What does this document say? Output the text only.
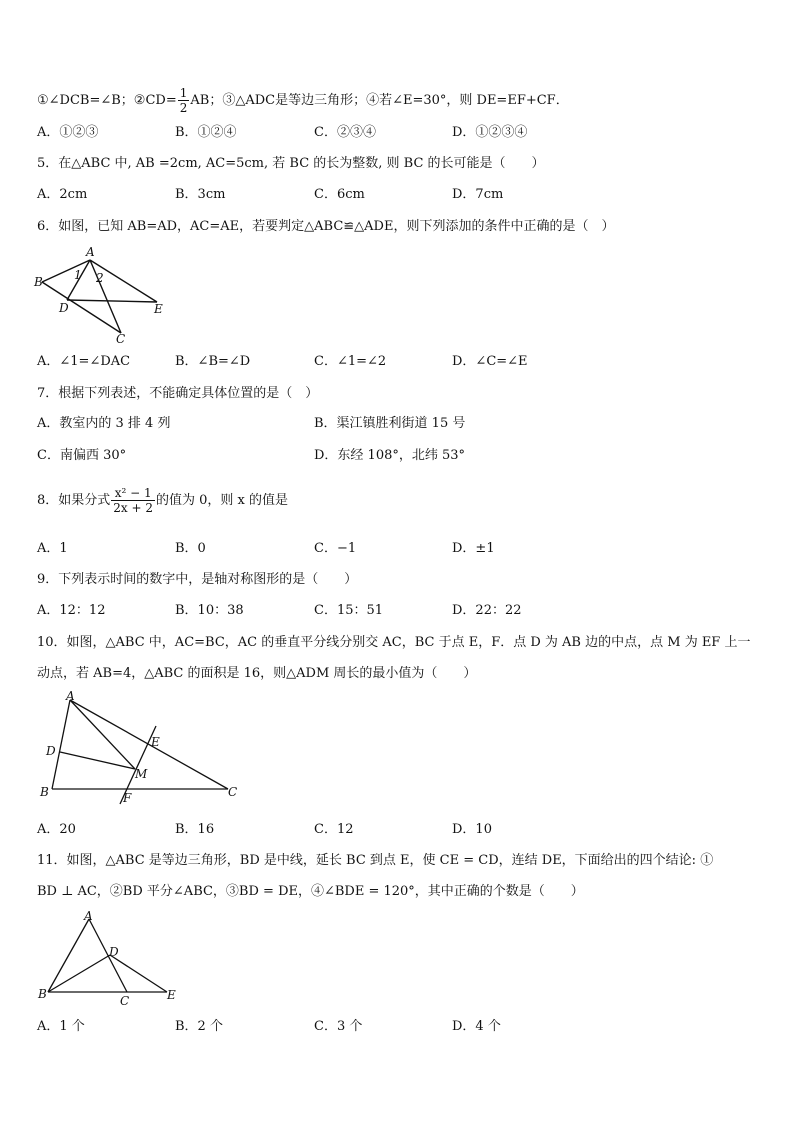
①∠DCB=∠B；②CD= $\frac{1}{2}$ AB；③△ADC是等边三角形；④若∠E=30°，则 DE=EF+CF．
A．①②③	B．①②④	C．②③④	D．①②③④
5．在△ABC 中, AB =2cm, AC=5cm, 若 BC 的长为整数, 则 BC 的长可能是（　　）
A．2cm	B．3cm	C．6cm	D．7cm
6．如图，已知 AB=AD，AC=AE，若要判定△ABC≌△ADE，则下列添加的条件中正确的是（　）
A
B
D	E
C
1 2
A．∠1=∠DAC	B．∠B=∠D	C．∠1=∠2	D．∠C=∠E
7．根据下列表述，不能确定具体位置的是（　）
A．教室内的 3 排 4 列	B．渠江镇胜利街道 15 号
C．南偏西 30°	D．东经 108°，北纬 53°
8．如果分式 $\frac{\text{x² − 1}}{2x + 2}$ 的值为 0，则 x 的值是
A．1	B．0	C．−1	D．±1
9．下列表示时间的数字中，是轴对称图形的是（　　）
A．12：12	B．10：38	C．15：51	D．22：22
10．如图，△ABC 中，AC=BC，AC 的垂直平分线分别交 AC，BC 于点 E，F．点 D 为 AB 边的中点，点 M 为 EF 上一
动点，若 AB=4，△ABC 的面积是 16，则△ADM 周长的最小值为（　　）
A
D
B	F
M
E
C
A．20	B．16	C．12	D．10
11．如图，△ABC 是等边三角形，BD 是中线，延长 BC 到点 E，使 CE = CD，连结 DE，下面给出的四个结论: ①
BD ⊥ AC，②BD 平分∠ABC，③BD = DE，④∠BDE = 120°，其中正确的个数是（　　）
A
D
B	C	E
A．1 个	B．2 个	C．3 个	D．4 个
